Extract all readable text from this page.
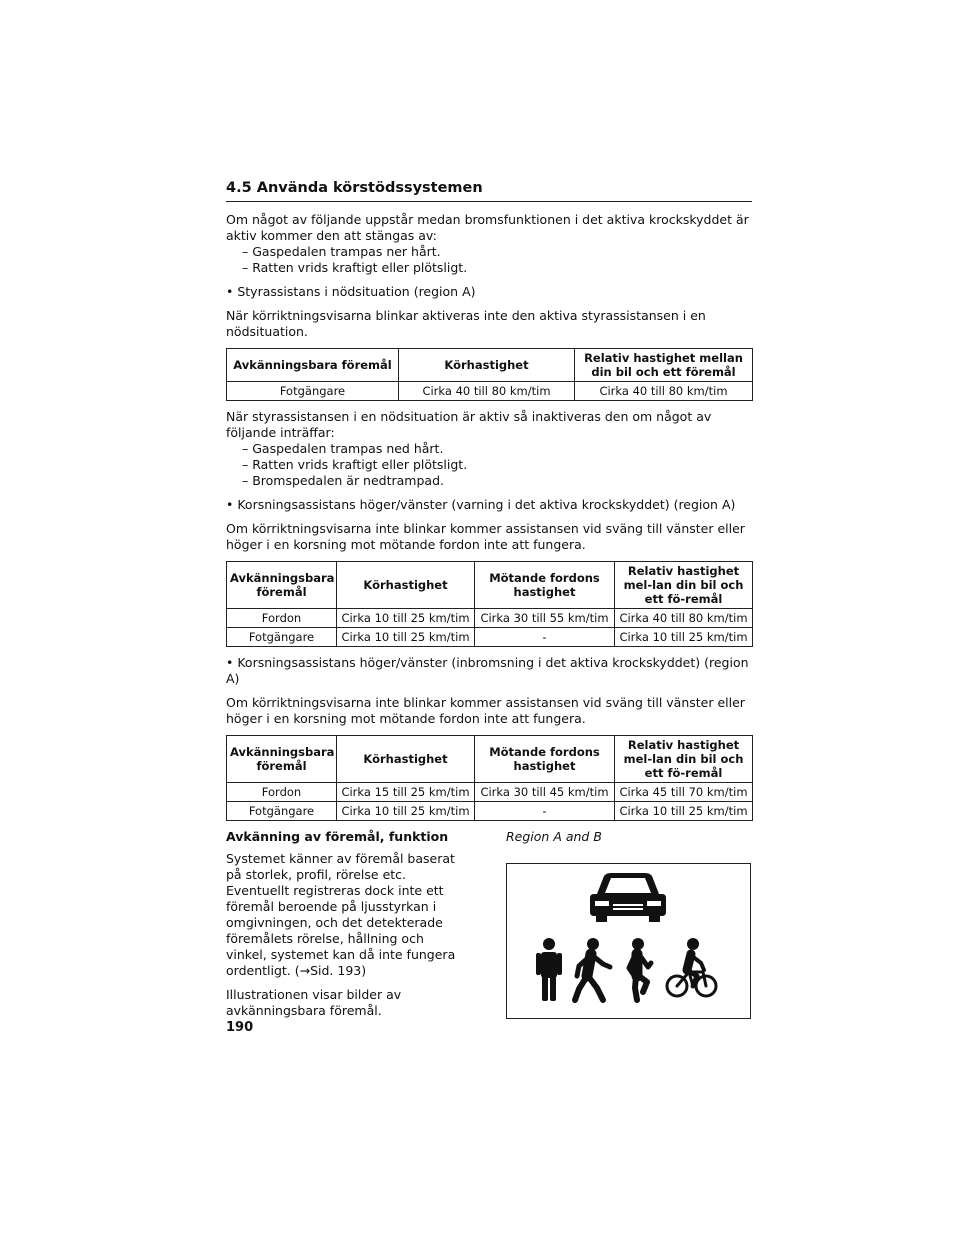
4.5 Använda körstödssystemen

Om något av följande uppstår medan bromsfunktionen i det aktiva krockskyddet är aktiv kommer den att stängas av:

– Gaspedalen trampas ner hårt.
– Ratten vrids kraftigt eller plötsligt.
• Styrassistans i nödsituation (region A)

När körriktningsvisarna blinkar aktiveras inte den aktiva styrassistansen i en nödsituation.

Avkänningsbara föremål	Körhastighet	Relativ hastighet mellan din bil och ett föremål
Fotgängare	Cirka 40 till 80 km/tim	Cirka 40 till 80 km/tim

När styrassistansen i en nödsituation är aktiv så inaktiveras den om något av följande inträffar:

– Gaspedalen trampas ned hårt.
– Ratten vrids kraftigt eller plötsligt.
– Bromspedalen är nedtrampad.
• Korsningsassistans höger/vänster (varning i det aktiva krockskyddet) (region A)

Om körriktningsvisarna inte blinkar kommer assistansen vid sväng till vänster eller höger i en korsning mot mötande fordon inte att fungera.

Avkänningsbara föremål	Körhastighet	Mötande fordons hastighet	Relativ hastighet mel-lan din bil och ett fö-remål
Fordon	Cirka 10 till 25 km/tim	Cirka 30 till 55 km/tim	Cirka 40 till 80 km/tim
Fotgängare	Cirka 10 till 25 km/tim	-	Cirka 10 till 25 km/tim
• Korsningsassistans höger/vänster (inbromsning i det aktiva krockskyddet) (region A)

Om körriktningsvisarna inte blinkar kommer assistansen vid sväng till vänster eller höger i en korsning mot mötande fordon inte att fungera.

Avkänningsbara föremål	Körhastighet	Mötande fordons hastighet	Relativ hastighet mel-lan din bil och ett fö-remål
Fordon	Cirka 15 till 25 km/tim	Cirka 30 till 45 km/tim	Cirka 45 till 70 km/tim
Fotgängare	Cirka 10 till 25 km/tim	-	Cirka 10 till 25 km/tim
Avkänning av föremål, funktion

Systemet känner av föremål baserat på storlek, profil, rörelse etc. Eventuellt registreras dock inte ett föremål beroende på ljusstyrkan i omgivningen, och det detekterade föremålets rörelse, hållning och vinkel, systemet kan då inte fungera ordentligt. (→Sid. 193)

Illustrationen visar bilder av avkänningsbara föremål.

Region A and B
190
